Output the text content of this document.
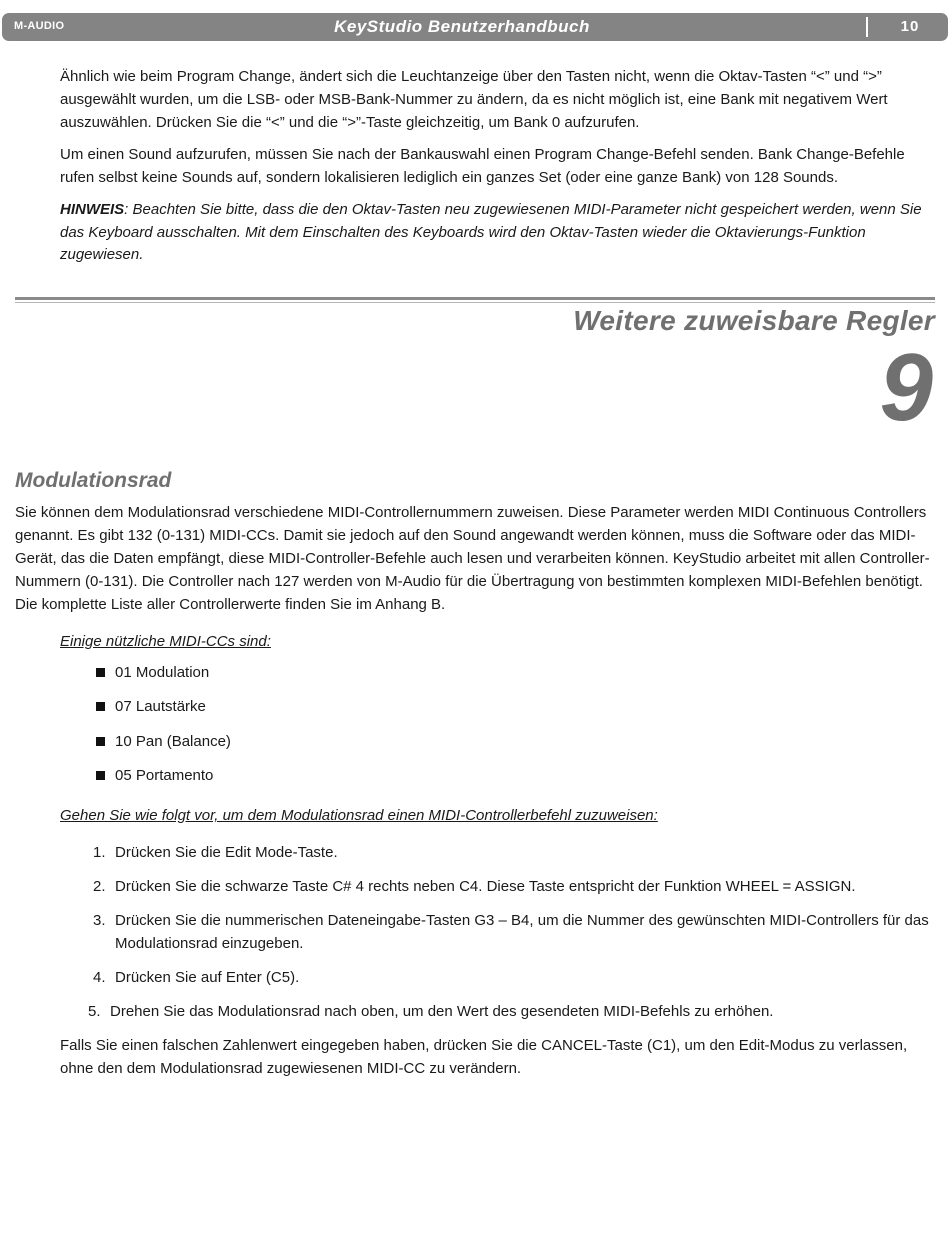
M-AUDIO	KeyStudio Benutzerhandbuch	10

Ähnlich wie beim Program Change, ändert sich die Leuchtanzeige über den Tasten nicht, wenn die Oktav-Tasten “<” und “>” ausgewählt wurden, um die LSB- oder MSB-Bank-Nummer zu ändern, da es nicht möglich ist, eine Bank mit negativem Wert auszuwählen. Drücken Sie die “<” und die “>”-Taste gleichzeitig, um Bank 0 aufzurufen.

Um einen Sound aufzurufen, müssen Sie nach der Bankauswahl einen Program Change-Befehl senden. Bank Change-Befehle rufen selbst keine Sounds auf, sondern lokalisieren lediglich ein ganzes Set (oder eine ganze Bank) von 128 Sounds.

HINWEIS: Beachten Sie bitte, dass die den Oktav-Tasten neu zugewiesenen MIDI-Parameter nicht gespeichert werden, wenn Sie das Keyboard ausschalten. Mit dem Einschalten des Keyboards wird den Oktav-Tasten wieder die Oktavierungs-Funktion zugewiesen.

Weitere zuweisbare Regler
9
Modulationsrad

Sie können dem Modulationsrad verschiedene MIDI-Controllernummern zuweisen. Diese Parameter werden MIDI Continuous Controllers genannt. Es gibt 132 (0-131) MIDI-CCs. Damit sie jedoch auf den Sound angewandt werden können, muss die Software oder das MIDI-Gerät, das die Daten empfängt, diese MIDI-Controller-Befehle auch lesen und verarbeiten können. KeyStudio arbeitet mit allen Controller-Nummern (0-131). Die Controller nach 127 werden von M-Audio für die Übertragung von bestimmten komplexen MIDI-Befehlen benötigt. Die komplette Liste aller Controllerwerte finden Sie im Anhang B.

Einige nützliche MIDI-CCs sind:

01 Modulation
07 Lautstärke
10 Pan (Balance)
05 Portamento

Gehen Sie wie folgt vor, um dem Modulationsrad einen MIDI-Controllerbefehl zuzuweisen:

1. Drücken Sie die Edit Mode-Taste.
2. Drücken Sie die schwarze Taste C# 4 rechts neben C4. Diese Taste entspricht der Funktion WHEEL = ASSIGN.
3. Drücken Sie die nummerischen Dateneingabe-Tasten G3 – B4, um die Nummer des gewünschten MIDI-Controllers für das Modulationsrad einzugeben.
4. Drücken Sie auf Enter (C5).
5. Drehen Sie das Modulationsrad nach oben, um den Wert des gesendeten MIDI-Befehls zu erhöhen.

Falls Sie einen falschen Zahlenwert eingegeben haben, drücken Sie die CANCEL-Taste (C1), um den Edit-Modus zu verlassen, ohne den dem Modulationsrad zugewiesenen MIDI-CC zu verändern.
